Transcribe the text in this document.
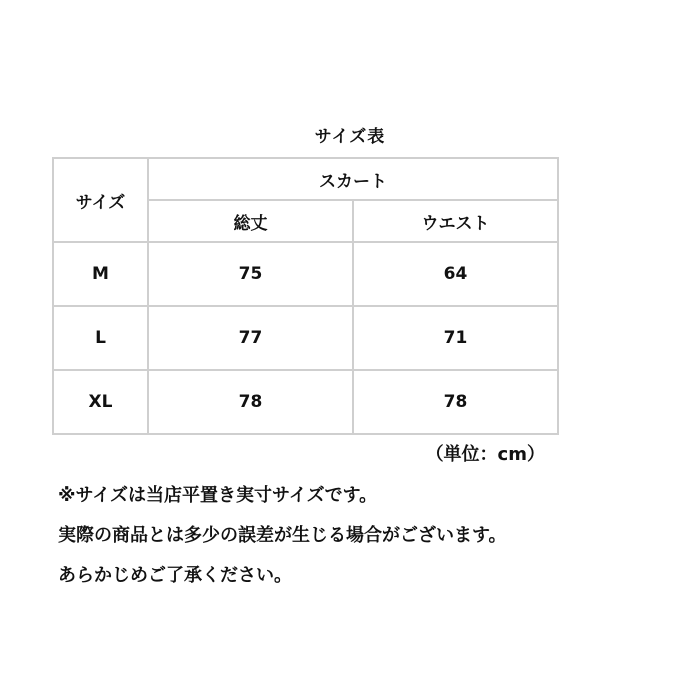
サイズ表
サイズ	スカート	
	総丈	ウエスト
M	75	64
L	77	71
XL	78	78
（単位：cm）
※サイズは当店平置き実寸サイズです。
実際の商品とは多少の誤差が生じる場合がございます。
あらかじめご了承ください。
